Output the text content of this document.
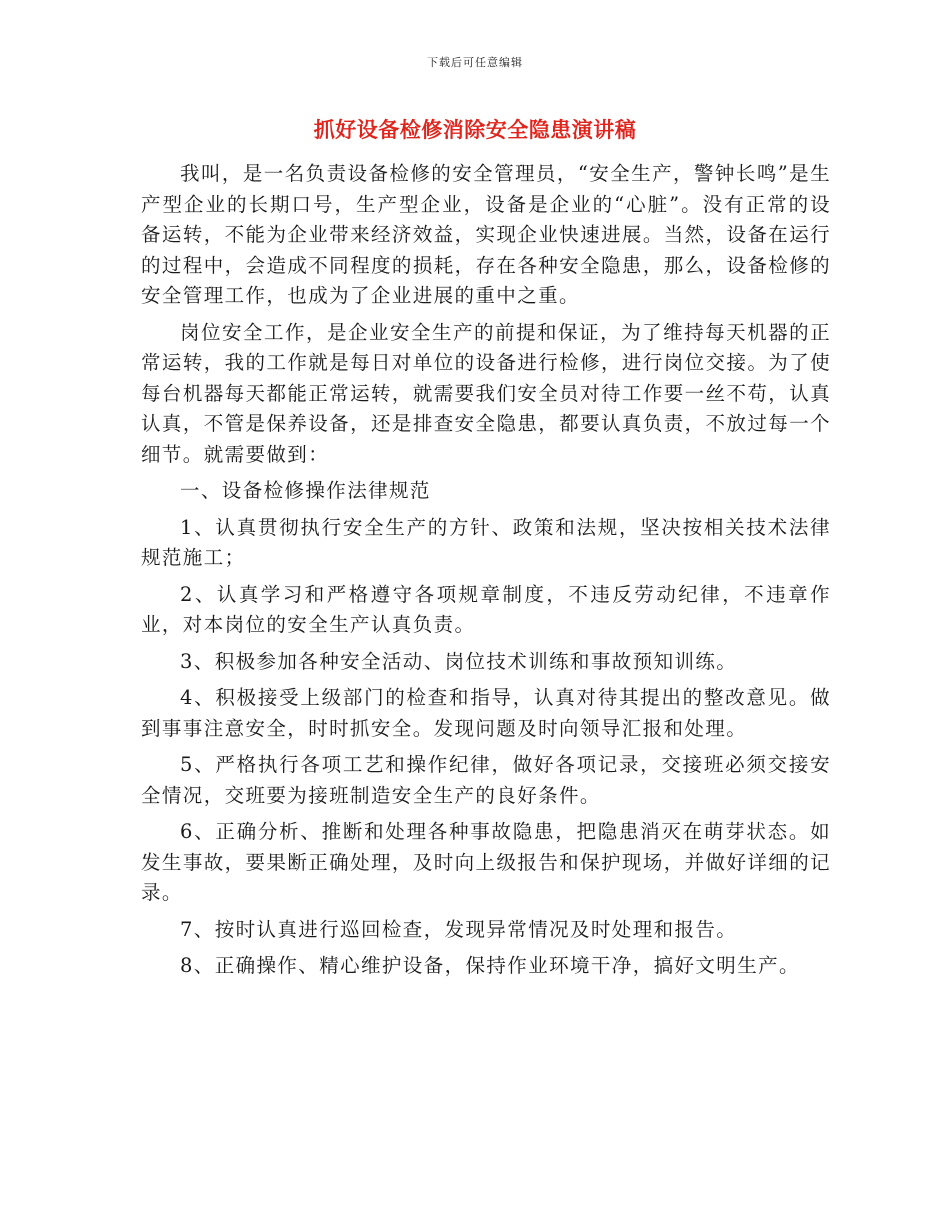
下载后可任意编辑
抓好设备检修消除安全隐患演讲稿

我叫，是一名负责设备检修的安全管理员，“安全生产，警钟长鸣”是生产型企业的长期口号，生产型企业，设备是企业的“心脏”。没有正常的设备运转，不能为企业带来经济效益，实现企业快速进展。当然，设备在运行的过程中，会造成不同程度的损耗，存在各种安全隐患，那么，设备检修的安全管理工作，也成为了企业进展的重中之重。

岗位安全工作，是企业安全生产的前提和保证，为了维持每天机器的正常运转，我的工作就是每日对单位的设备进行检修，进行岗位交接。为了使每台机器每天都能正常运转，就需要我们安全员对待工作要一丝不苟，认真认真，不管是保养设备，还是排查安全隐患，都要认真负责，不放过每一个细节。就需要做到：

一、设备检修操作法律规范

1、认真贯彻执行安全生产的方针、政策和法规，坚决按相关技术法律规范施工；

2、认真学习和严格遵守各项规章制度，不违反劳动纪律，不违章作业，对本岗位的安全生产认真负责。

3、积极参加各种安全活动、岗位技术训练和事故预知训练。

4、积极接受上级部门的检查和指导，认真对待其提出的整改意见。做到事事注意安全，时时抓安全。发现问题及时向领导汇报和处理。

5、严格执行各项工艺和操作纪律，做好各项记录，交接班必须交接安全情况，交班要为接班制造安全生产的良好条件。

6、正确分析、推断和处理各种事故隐患，把隐患消灭在萌芽状态。如发生事故，要果断正确处理，及时向上级报告和保护现场，并做好详细的记录。

7、按时认真进行巡回检查，发现异常情况及时处理和报告。

8、正确操作、精心维护设备，保持作业环境干净，搞好文明生产。
